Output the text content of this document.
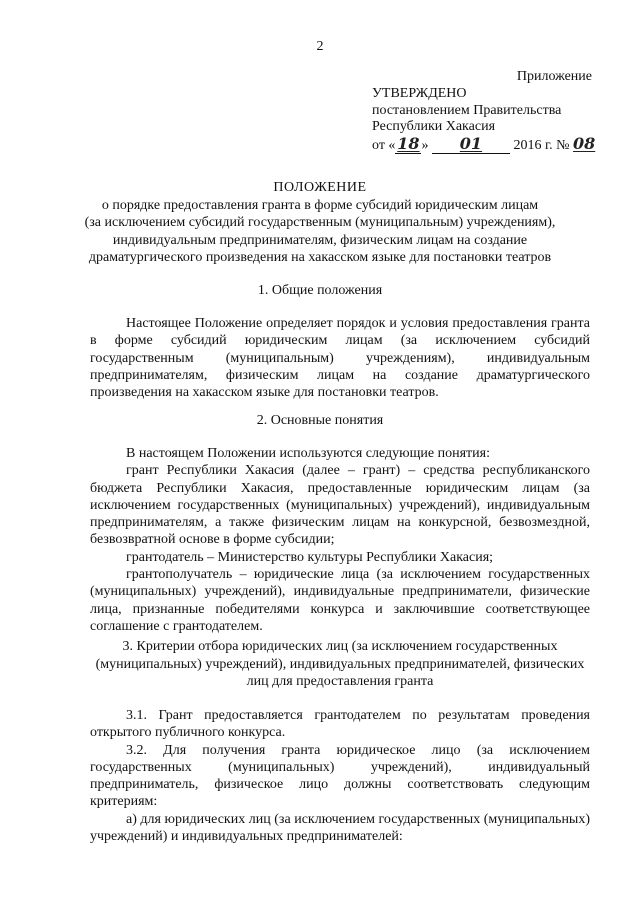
2
Приложение
УТВЕРЖДЕНО
постановлением Правительства
Республики Хакасия
от « 18 » 01 2016 г. № 08
ПОЛОЖЕНИЕ
о порядке предоставления гранта в форме субсидий юридическим лицам
(за исключением субсидий государственным (муниципальным) учреждениям),
индивидуальным предпринимателям, физическим лицам на создание
драматургического произведения на хакасском языке для постановки театров
1. Общие положения

Настоящее Положение определяет порядок и условия предоставления гранта в форме субсидий юридическим лицам (за исключением субсидий государственным (муниципальным) учреждениям), индивидуальным предпринимателям, физическим лицам на создание драматургического произведения на хакасском языке для постановки театров.

2. Основные понятия

В настоящем Положении используются следующие понятия:

грант Республики Хакасия (далее – грант) – средства республиканского бюджета Республики Хакасия, предоставленные юридическим лицам (за исключением государственных (муниципальных) учреждений), индивидуальным предпринимателям, а также физическим лицам на конкурсной, безвозмездной, безвозвратной основе в форме субсидии;

грантодатель – Министерство культуры Республики Хакасия;

грантополучатель – юридические лица (за исключением государственных (муниципальных) учреждений), индивидуальные предприниматели, физические лица, признанные победителями конкурса и заключившие соответствующее соглашение с грантодателем.

3. Критерии отбора юридических лиц (за исключением государственных
(муниципальных) учреждений), индивидуальных предпринимателей, физических
лиц для предоставления гранта

3.1. Грант предоставляется грантодателем по результатам проведения открытого публичного конкурса.

3.2. Для получения гранта юридическое лицо (за исключением государственных (муниципальных) учреждений), индивидуальный предприниматель, физическое лицо должны соответствовать следующим критериям:

а) для юридических лиц (за исключением государственных (муниципальных) учреждений) и индивидуальных предпринимателей:
